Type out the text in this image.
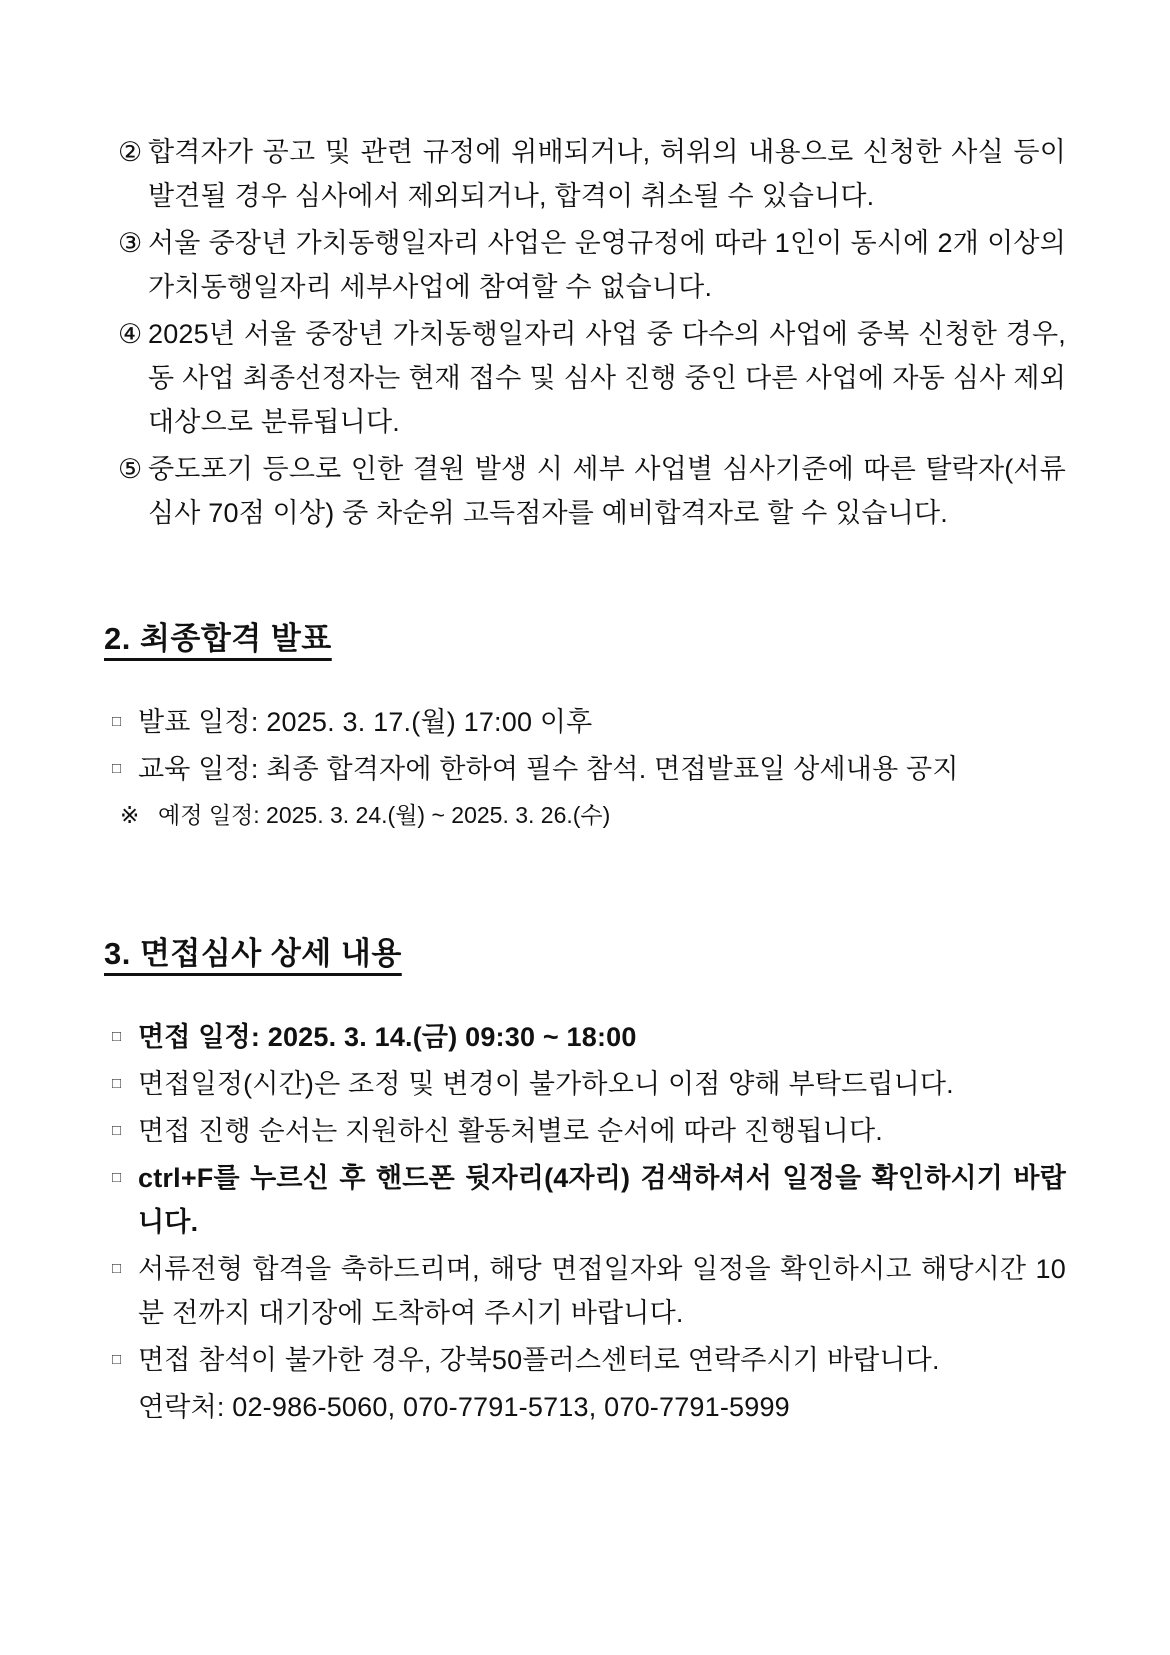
② 합격자가 공고 및 관련 규정에 위배되거나, 허위의 내용으로 신청한 사실 등이 발견될 경우 심사에서 제외되거나, 합격이 취소될 수 있습니다.
③ 서울 중장년 가치동행일자리 사업은 운영규정에 따라 1인이 동시에 2개 이상의 가치동행일자리 세부사업에 참여할 수 없습니다.
④ 2025년 서울 중장년 가치동행일자리 사업 중 다수의 사업에 중복 신청한 경우, 동 사업 최종선정자는 현재 접수 및 심사 진행 중인 다른 사업에 자동 심사 제외 대상으로 분류됩니다.
⑤ 중도포기 등으로 인한 결원 발생 시 세부 사업별 심사기준에 따른 탈락자(서류 심사 70점 이상) 중 차순위 고득점자를 예비합격자로 할 수 있습니다.
2. 최종합격 발표
□ 발표 일정: 2025. 3. 17.(월) 17:00 이후
□ 교육 일정: 최종 합격자에 한하여 필수 참석. 면접발표일 상세내용 공지
※ 예정 일정: 2025. 3. 24.(월) ~ 2025. 3. 26.(수)
3. 면접심사 상세 내용
□ 면접 일정: 2025. 3. 14.(금) 09:30 ~ 18:00
□ 면접일정(시간)은 조정 및 변경이 불가하오니 이점 양해 부탁드립니다.
□ 면접 진행 순서는 지원하신 활동처별로 순서에 따라 진행됩니다.
□ ctrl+F를 누르신 후 핸드폰 뒷자리(4자리) 검색하셔서 일정을 확인하시기 바랍니다.
□ 서류전형 합격을 축하드리며, 해당 면접일자와 일정을 확인하시고 해당시간 10분 전까지 대기장에 도착하여 주시기 바랍니다.
□ 면접 참석이 불가한 경우, 강북50플러스센터로 연락주시기 바랍니다.
연락처: 02-986-5060, 070-7791-5713, 070-7791-5999
